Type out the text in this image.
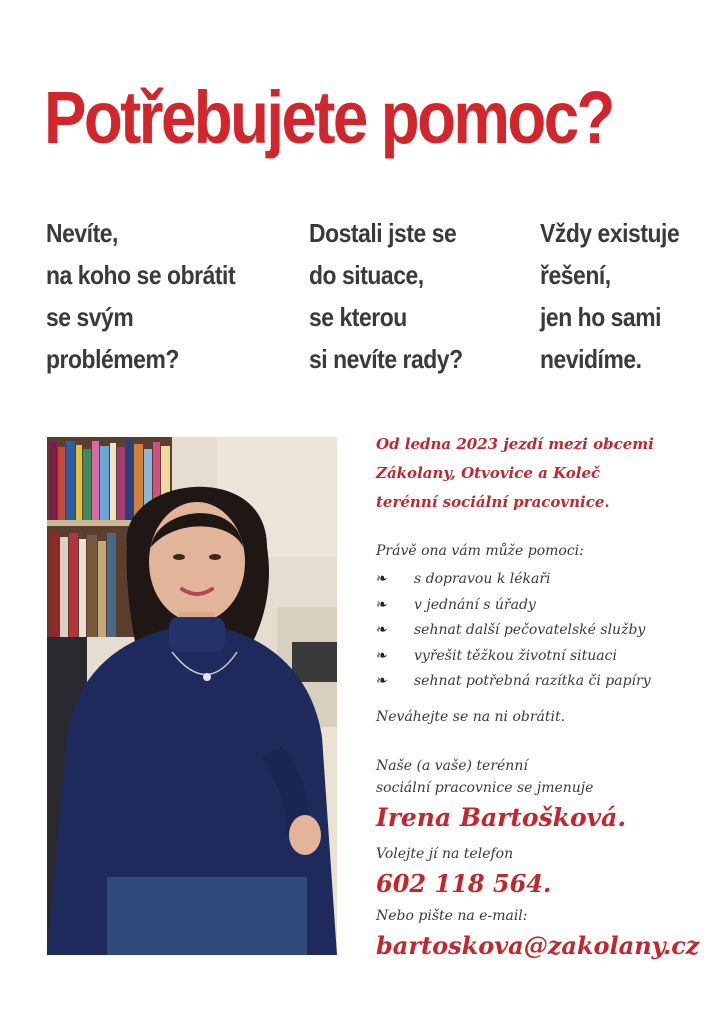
Potřebujete pomoc?
Nevíte,
na koho se obrátit
se svým
problémem?
Dostali jste se
do situace,
se kterou
si nevíte rady?
Vždy existuje
řešení,
jen ho sami
nevidíme.
Od ledna 2023 jezdí mezi obcemi
Zákolany, Otvovice a Koleč
terénní sociální pracovnice.
Právě ona vám může pomoci:
❧ s dopravou k lékaři
❧ v jednání s úřady
❧ sehnat další pečovatelské služby
❧ vyřešit těžkou životní situaci
❧ sehnat potřebná razítka či papíry
Neváhejte se na ni obrátit.
Naše (a vaše) terénní
sociální pracovnice se jmenuje
Irena Bartošková.
Volejte jí na telefon
602 118 564.
Nebo pište na e-mail:
bartoskova@zakolany.cz
